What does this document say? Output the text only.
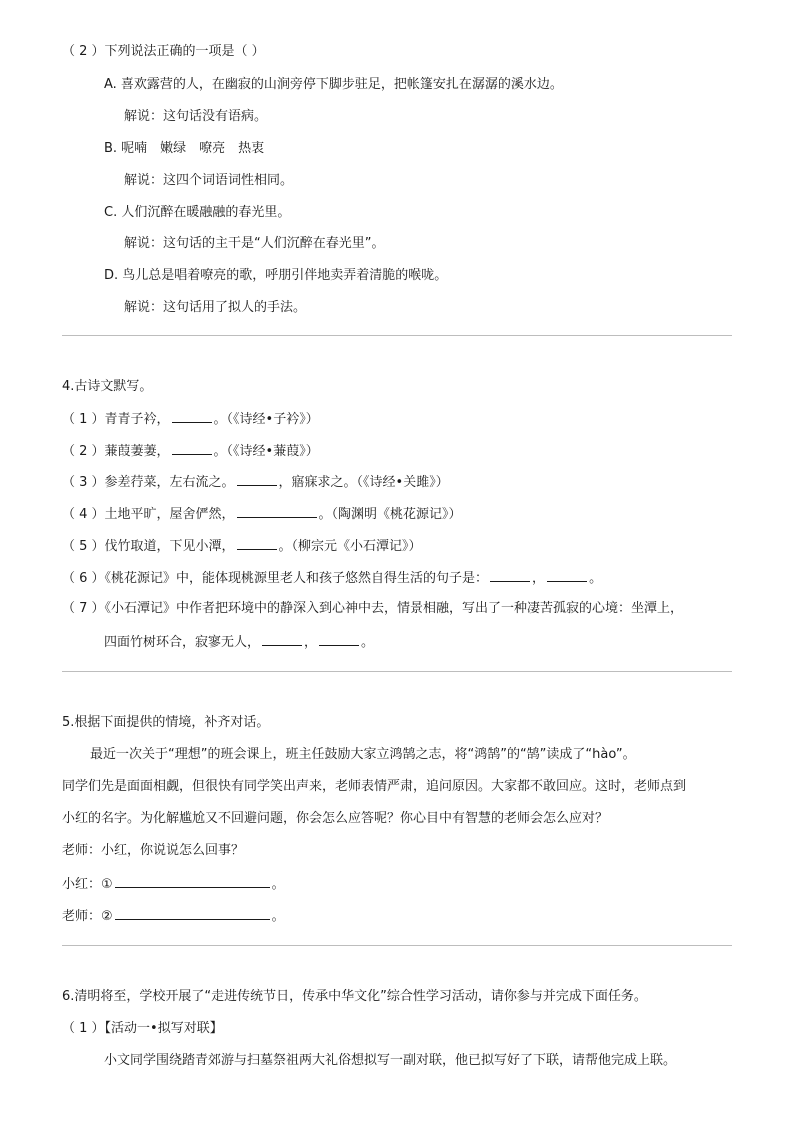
（ 2 ）下列说法正确的一项是（ ）
A. 喜欢露营的人，在幽寂的山涧旁停下脚步驻足，把帐篷安扎在潺潺的溪水边。
解说：这句话没有语病。
B. 呢喃　嫩绿　嘹亮　热衷
解说：这四个词语词性相同。
C. 人们沉醉在暖融融的春光里。
解说：这句话的主干是“人们沉醉在春光里”。
D. 鸟儿总是唱着嘹亮的歌，呼朋引伴地卖弄着清脆的喉咙。
解说：这句话用了拟人的手法。
4.古诗文默写。
（ 1 ）青青子衿，	。（《诗经•子衿》）
（ 2 ）蒹葭萋萋，	。（《诗经•蒹葭》）
（ 3 ）参差荇菜，左右流之。	，寤寐求之。（《诗经•关雎》）
（ 4 ）土地平旷，屋舍俨然，	。（陶渊明《桃花源记》）
（ 5 ）伐竹取道，下见小潭，	。（柳宗元《小石潭记》）
（ 6 ）《桃花源记》中，能体现桃源里老人和孩子悠然自得生活的句子是：	，	。
（ 7 ）《小石潭记》中作者把环境中的静深入到心神中去，情景相融，写出了一种凄苦孤寂的心境：坐潭上，
四面竹树环合，寂寥无人，	，	。
5.根据下面提供的情境，补齐对话。
最近一次关于“理想”的班会课上，班主任鼓励大家立鸿鹄之志，将“鸿鹄”的“鹄”读成了“hào”。
同学们先是面面相觑，但很快有同学笑出声来，老师表情严肃，追问原因。大家都不敢回应。这时，老师点到
小红的名字。为化解尴尬又不回避问题，你会怎么应答呢？你心目中有智慧的老师会怎么应对？
老师：小红，你说说怎么回事？
小红：①	。
老师：②	。
6.清明将至，学校开展了“走进传统节日，传承中华文化”综合性学习活动，请你参与并完成下面任务。
（ 1 ）【活动一•拟写对联】
小文同学围绕踏青郊游与扫墓祭祖两大礼俗想拟写一副对联，他已拟写好了下联，请帮他完成上联。
